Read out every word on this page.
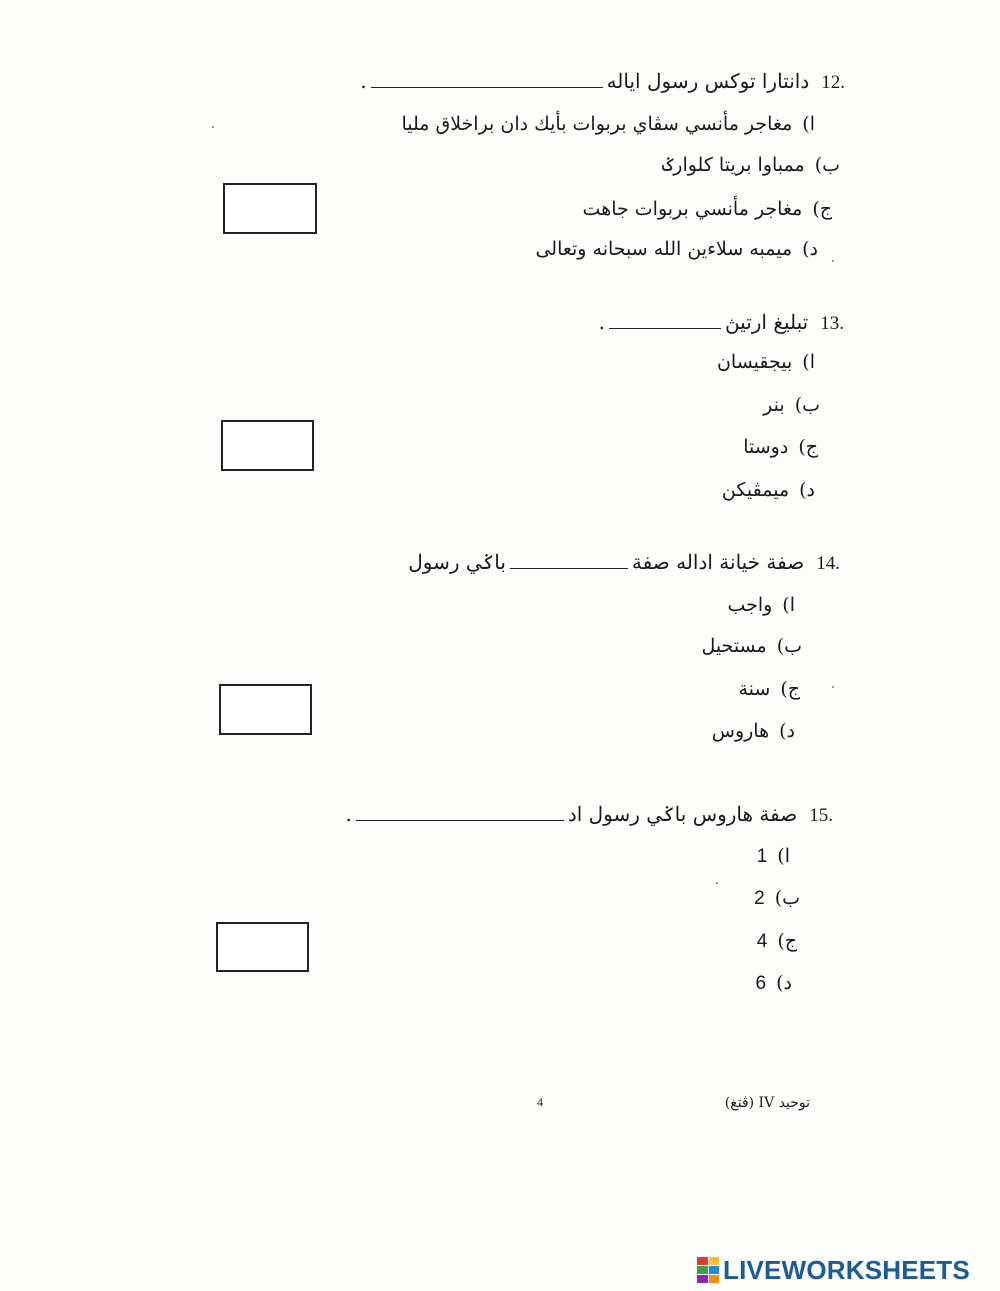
12.دانتارا توکس رسول اياله.
ا)مغاجر مأنسي سڤاي بربوات بأيك دان براخلاق مليا
ب)ممباوا بريتا کلوارݢ
ج)مغاجر مأنسي بربوات جاهت
د)ميمبه سلاءين الله سبحانه وتعالى
13.تبليغ ارتيڽ.
ا)بيجقيسان
ب)بنر
ج)دوستا
د)ميمڤيکن
14.صفة خيانة اداله صفةباݢي رسول
ا)واجب
ب)مستحيل
ج)سنة
د)هاروس
15.صفة هاروس باݢي رسول اد.
ا)1
ب)2
ج)4
د)6
توحيد IV (ڤتغ)
4
LIVEWORKSHEETS
